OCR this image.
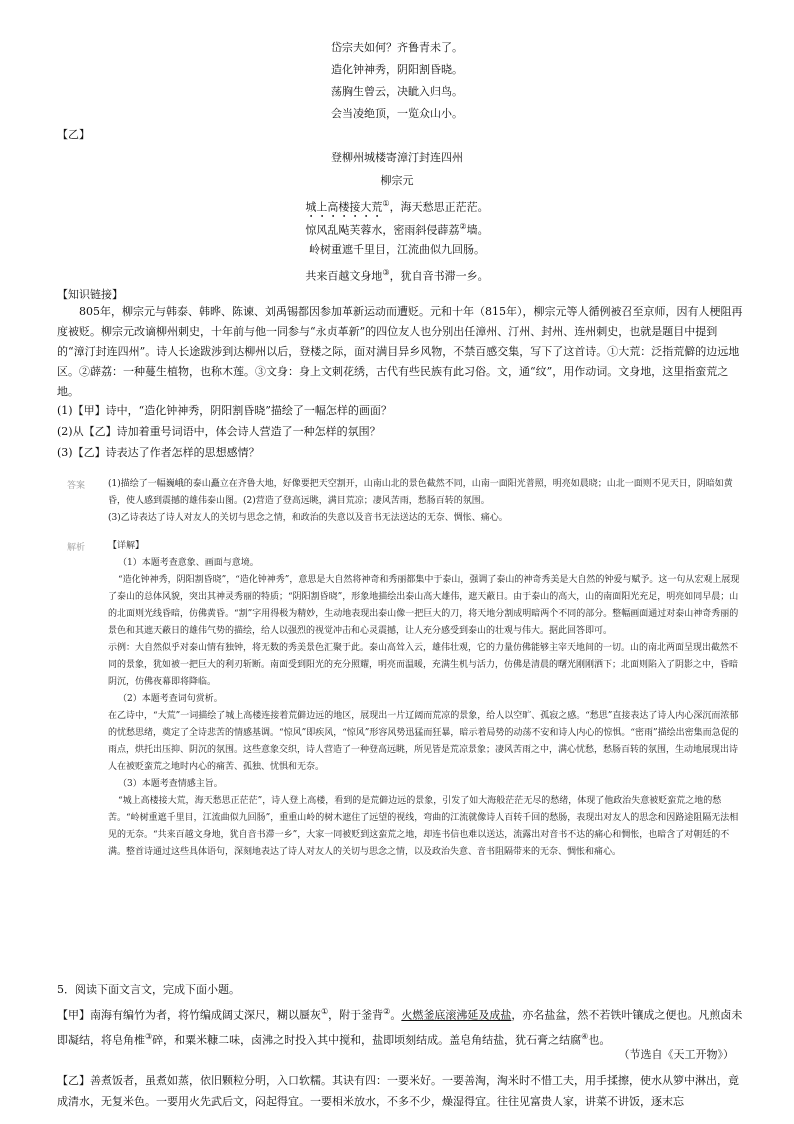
岱宗夫如何？齐鲁青未了。
造化钟神秀，阴阳割昏晓。
荡胸生曾云，决眦入归鸟。
会当凌绝顶，一览众山小。
【乙】
登柳州城楼寄漳汀封连四州
柳宗元
城上高楼接大荒①，海天愁思正茫茫。
惊风乱飐芙蓉水，密雨斜侵薜荔②墙。
岭树重遮千里目，江流曲似九回肠。
共来百越文身地③，犹自音书滞一乡。
【知识链接】
805年，柳宗元与韩泰、韩晔、陈谏、刘禹锡都因参加革新运动而遭贬。元和十年（815年），柳宗元等人循例被召至京师，因有人梗阻再度被贬。柳宗元改谪柳州刺史，十年前与他一同参与“永贞革新”的四位友人也分别出任漳州、汀州、封州、连州刺史，也就是题目中提到的“漳汀封连四州”。诗人长途跋涉到达柳州以后，登楼之际，面对满目异乡风物，不禁百感交集，写下了这首诗。①大荒：泛指荒僻的边远地区。②薜荔：一种蔓生植物，也称木莲。③文身：身上文刺花绣，古代有些民族有此习俗。文，通“纹”，用作动词。文身地，这里指蛮荒之地。
(1)【甲】诗中，“造化钟神秀，阴阳割昏晓”描绘了一幅怎样的画面？
(2)从【乙】诗加着重号词语中，体会诗人营造了一种怎样的氛围？
(3)【乙】诗表达了作者怎样的思想感情？
答案	(1)描绘了一幅巍峨的泰山矗立在齐鲁大地，好像要把天空割开，山南山北的景色截然不同，山南一面阳光普照，明亮如晨晓；山北一面则不见天日，阴暗如黄昏，使人感到震撼的雄伟泰山图。(2)营造了登高远眺，满目荒凉；凄风苦雨，愁肠百转的氛围。

(3)乙诗表达了诗人对友人的关切与思念之情，和政治的失意以及音书无法送达的无奈、惆怅、痛心。

解析	【详解】

（1）本题考查意象、画面与意境。

“造化钟神秀，阴阳割昏晓”，“造化钟神秀”，意思是大自然将神奇和秀丽都集中于泰山，强调了泰山的神奇秀美是大自然的钟爱与赋予。这一句从宏观上展现了泰山的总体风貌，突出其神灵秀丽的特质；“阴阳割昏晓”，形象地描绘出泰山高大雄伟，遮天蔽日。由于泰山的高大，山的南面阳光充足，明亮如同早晨；山的北面则光线昏暗，仿佛黄昏。“割”字用得极为精妙，生动地表现出泰山像一把巨大的刀，将天地分割成明暗两个不同的部分。整幅画面通过对泰山神奇秀丽的景色和其遮天蔽日的雄伟气势的描绘，给人以强烈的视觉冲击和心灵震撼，让人充分感受到泰山的壮观与伟大。据此回答即可。

示例：大自然似乎对泰山情有独钟，将无数的秀美景色汇聚于此。泰山高耸入云，雄伟壮观，它的力量仿佛能够主宰天地间的一切。山的南北两面呈现出截然不同的景象，犹如被一把巨大的利刃斩断。南面受到阳光的充分照耀，明亮而温暖，充满生机与活力，仿佛是清晨的曙光刚刚洒下；北面则陷入了阴影之中，昏暗阴沉，仿佛夜幕即将降临。

（2）本题考查词句赏析。

在乙诗中，“大荒”一词描绘了城上高楼连接着荒僻边远的地区，展现出一片辽阔而荒凉的景象，给人以空旷、孤寂之感。“愁思”直接表达了诗人内心深沉而浓郁的忧愁思绪，奠定了全诗悲苦的情感基调。“惊风”即疾风，“惊风”形容风势迅猛而狂暴，暗示着局势的动荡不安和诗人内心的惊惧。“密雨”描绘出密集而急促的雨点，烘托出压抑、阴沉的氛围。这些意象交织，诗人营造了一种登高远眺，所见皆是荒凉景象；凄风苦雨之中，满心忧愁，愁肠百转的氛围，生动地展现出诗人在被贬蛮荒之地时内心的痛苦、孤独、忧惧和无奈。

（3）本题考查情感主旨。

“城上高楼接大荒，海天愁思正茫茫”，诗人登上高楼，看到的是荒僻边远的景象，引发了如大海般茫茫无尽的愁绪，体现了他政治失意被贬蛮荒之地的愁苦。“岭树重遮千里目，江流曲似九回肠”，重重山岭的树木遮住了远望的视线，弯曲的江流就像诗人百转千回的愁肠，表现出对友人的思念和因路途阻隔无法相见的无奈。“共来百越文身地，犹自音书滞一乡”，大家一同被贬到这蛮荒之地，却连书信也难以送达，流露出对音书不达的痛心和惆怅，也暗含了对朝廷的不满。整首诗通过这些具体语句，深刻地表达了诗人对友人的关切与思念之情，以及政治失意、音书阻隔带来的无奈、惆怅和痛心。

5．阅读下面文言文，完成下面小题。
【甲】南海有编竹为者，将竹编成阔丈深尺，糊以蜃灰①，附于釜背②。火燃釜底滚沸延及成盐，亦名盐盆，然不若铁叶镶成之便也。凡煎卤未即凝结，将皂角椎③碎，和粟米糠二味，卤沸之时投入其中搅和，盐即顷刻结成。盖皂角结盐，犹石膏之结腐④也。
（节选自《天工开物》）
【乙】善煮饭者，虽煮如蒸，依旧颗粒分明，入口软糯。其诀有四：一要米好。一要善淘，淘米时不惜工夫，用手揉擦，使水从箩中淋出，竟成清水，无复米色。一要用火先武后文，闷起得宜。一要相米放水，不多不少，燥湿得宜。往往见富贵人家，讲菜不讲饭，逐末忘
